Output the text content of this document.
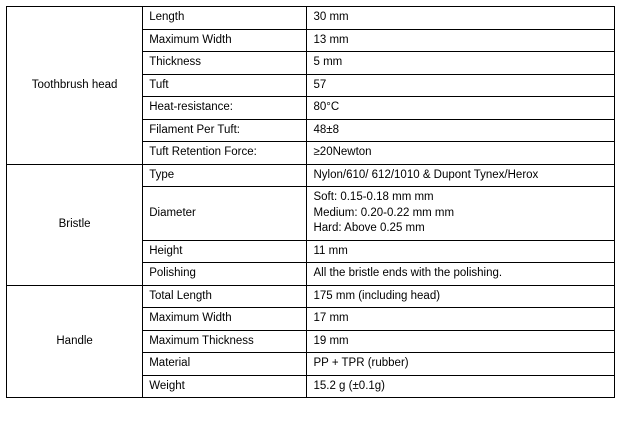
Toothbrush head	Length	30 mm
	Maximum Width	13 mm
	Thickness	5 mm
	Tuft	57
	Heat-resistance:	80°C
	Filament Per Tuft:	48±8
	Tuft Retention Force:	≥20Newton
Bristle	Type	Nylon/610/ 612/1010 & Dupont Tynex/Herox
	Diameter	Soft: 0.15-0.18 mm mm
Medium: 0.20-0.22 mm mm
Hard: Above 0.25 mm

	Height	11 mm
	Polishing	All the bristle ends with the polishing.
Handle	Total Length	175 mm (including head)
	Maximum Width	17 mm
	Maximum Thickness	19 mm
	Material	PP + TPR (rubber)
	Weight	15.2 g (±0.1g)
